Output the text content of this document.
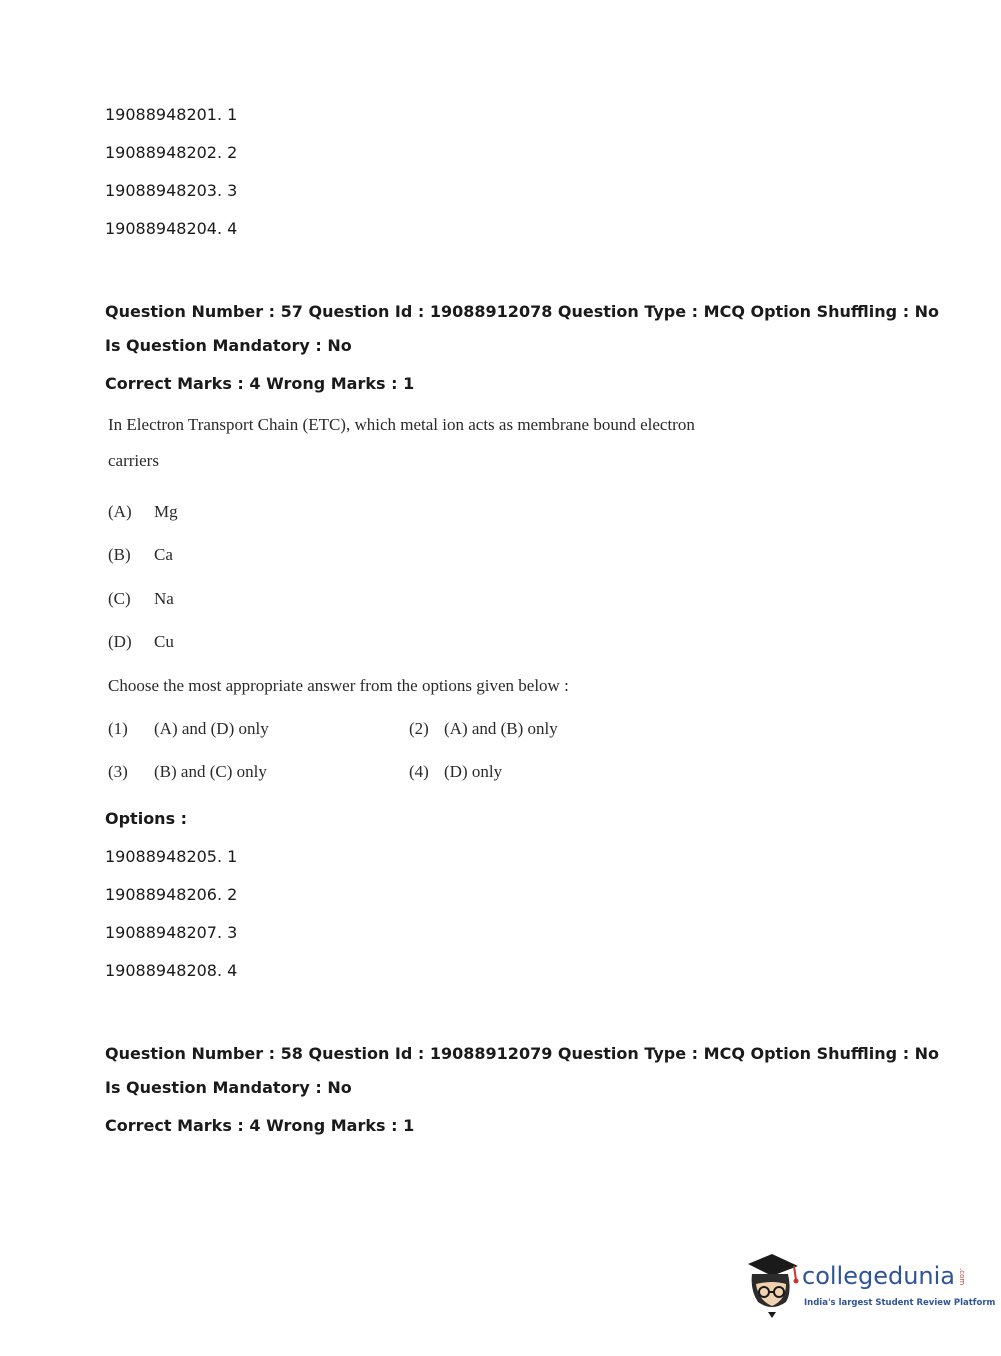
19088948201. 1
19088948202. 2
19088948203. 3
19088948204. 4
Question Number : 57 Question Id : 19088912078 Question Type : MCQ Option Shuffling : No
Is Question Mandatory : No
Correct Marks : 4 Wrong Marks : 1
In Electron Transport Chain (ETC), which metal ion acts as membrane bound electron
carriers
(A) Mg
(B) Ca
(C) Na
(D) Cu
Choose the most appropriate answer from the options given below :
(1) (A) and (D) only	(2) (A) and (B) only
(3) (B) and (C) only	(4) (D) only
Options :
19088948205. 1
19088948206. 2
19088948207. 3
19088948208. 4
Question Number : 58 Question Id : 19088912079 Question Type : MCQ Option Shuffling : No
Is Question Mandatory : No
Correct Marks : 4 Wrong Marks : 1
collegedunia .com
India's largest Student Review Platform
